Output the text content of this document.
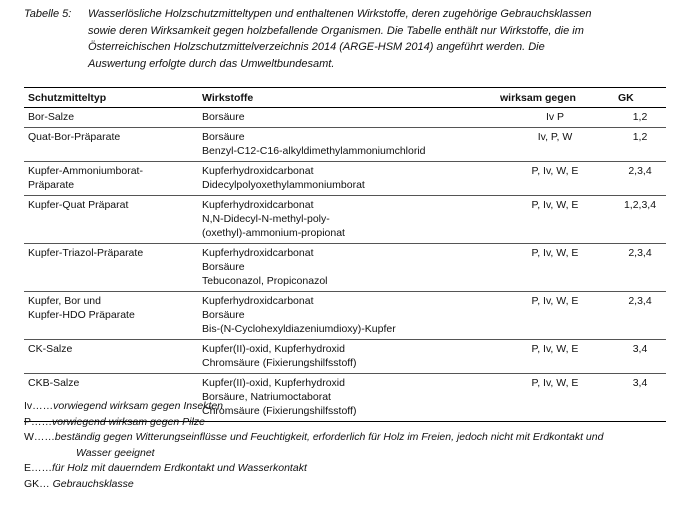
Tabelle 5:	Wasserlösliche Holzschutzmitteltypen und enthaltenen Wirkstoffe, deren zugehörige Gebrauchsklassen
sowie deren Wirksamkeit gegen holzbefallende Organismen. Die Tabelle enthält nur Wirkstoffe, die im
Österreichischen Holzschutzmittelverzeichnis 2014 (ARGE-HSM 2014) angeführt werden. Die
Auswertung erfolgte durch das Umweltbundesamt.
Schutzmitteltyp	Wirkstoffe	wirksam gegen	GK

Bor-Salze	Borsäure	Iv P	1,2

Quat-Bor-Präparate	Borsäure
Benzyl-C12-C16-alkyldimethylammoniumchlorid	Iv, P, W	1,2

Kupfer-Ammoniumborat-
Präparate	Kupferhydroxidcarbonat
Didecylpolyoxethylammoniumborat	P, Iv, W, E	2,3,4

Kupfer-Quat Präparat	Kupferhydroxidcarbonat
N,N-Didecyl-N-methyl-poly-
(oxethyl)-ammonium-propionat	P, Iv, W, E	1,2,3,4

Kupfer-Triazol-Präparate	Kupferhydroxidcarbonat
Borsäure
Tebuconazol, Propiconazol	P, Iv, W, E	2,3,4

Kupfer, Bor und
Kupfer-HDO Präparate	Kupferhydroxidcarbonat
Borsäure
Bis-(N-Cyclohexyldiazeniumdioxy)-Kupfer	P, Iv, W, E	2,3,4

CK-Salze	Kupfer(II)-oxid, Kupferhydroxid
Chromsäure (Fixierungshilfsstoff)	P, Iv, W, E	3,4

CKB-Salze	Kupfer(II)-oxid, Kupferhydroxid
Borsäure, Natriumoctaborat
Chromsäure (Fixierungshilfsstoff)	P, Iv, W, E	3,4
Iv……vorwiegend wirksam gegen Insekten
P……vorwiegend wirksam gegen Pilze
W……beständig gegen Witterungseinflüsse und Feuchtigkeit, erforderlich für Holz im Freien, jedoch nicht mit Erdkontakt und
Wasser geeignet
E……für Holz mit dauerndem Erdkontakt und Wasserkontakt
GK… Gebrauchsklasse
